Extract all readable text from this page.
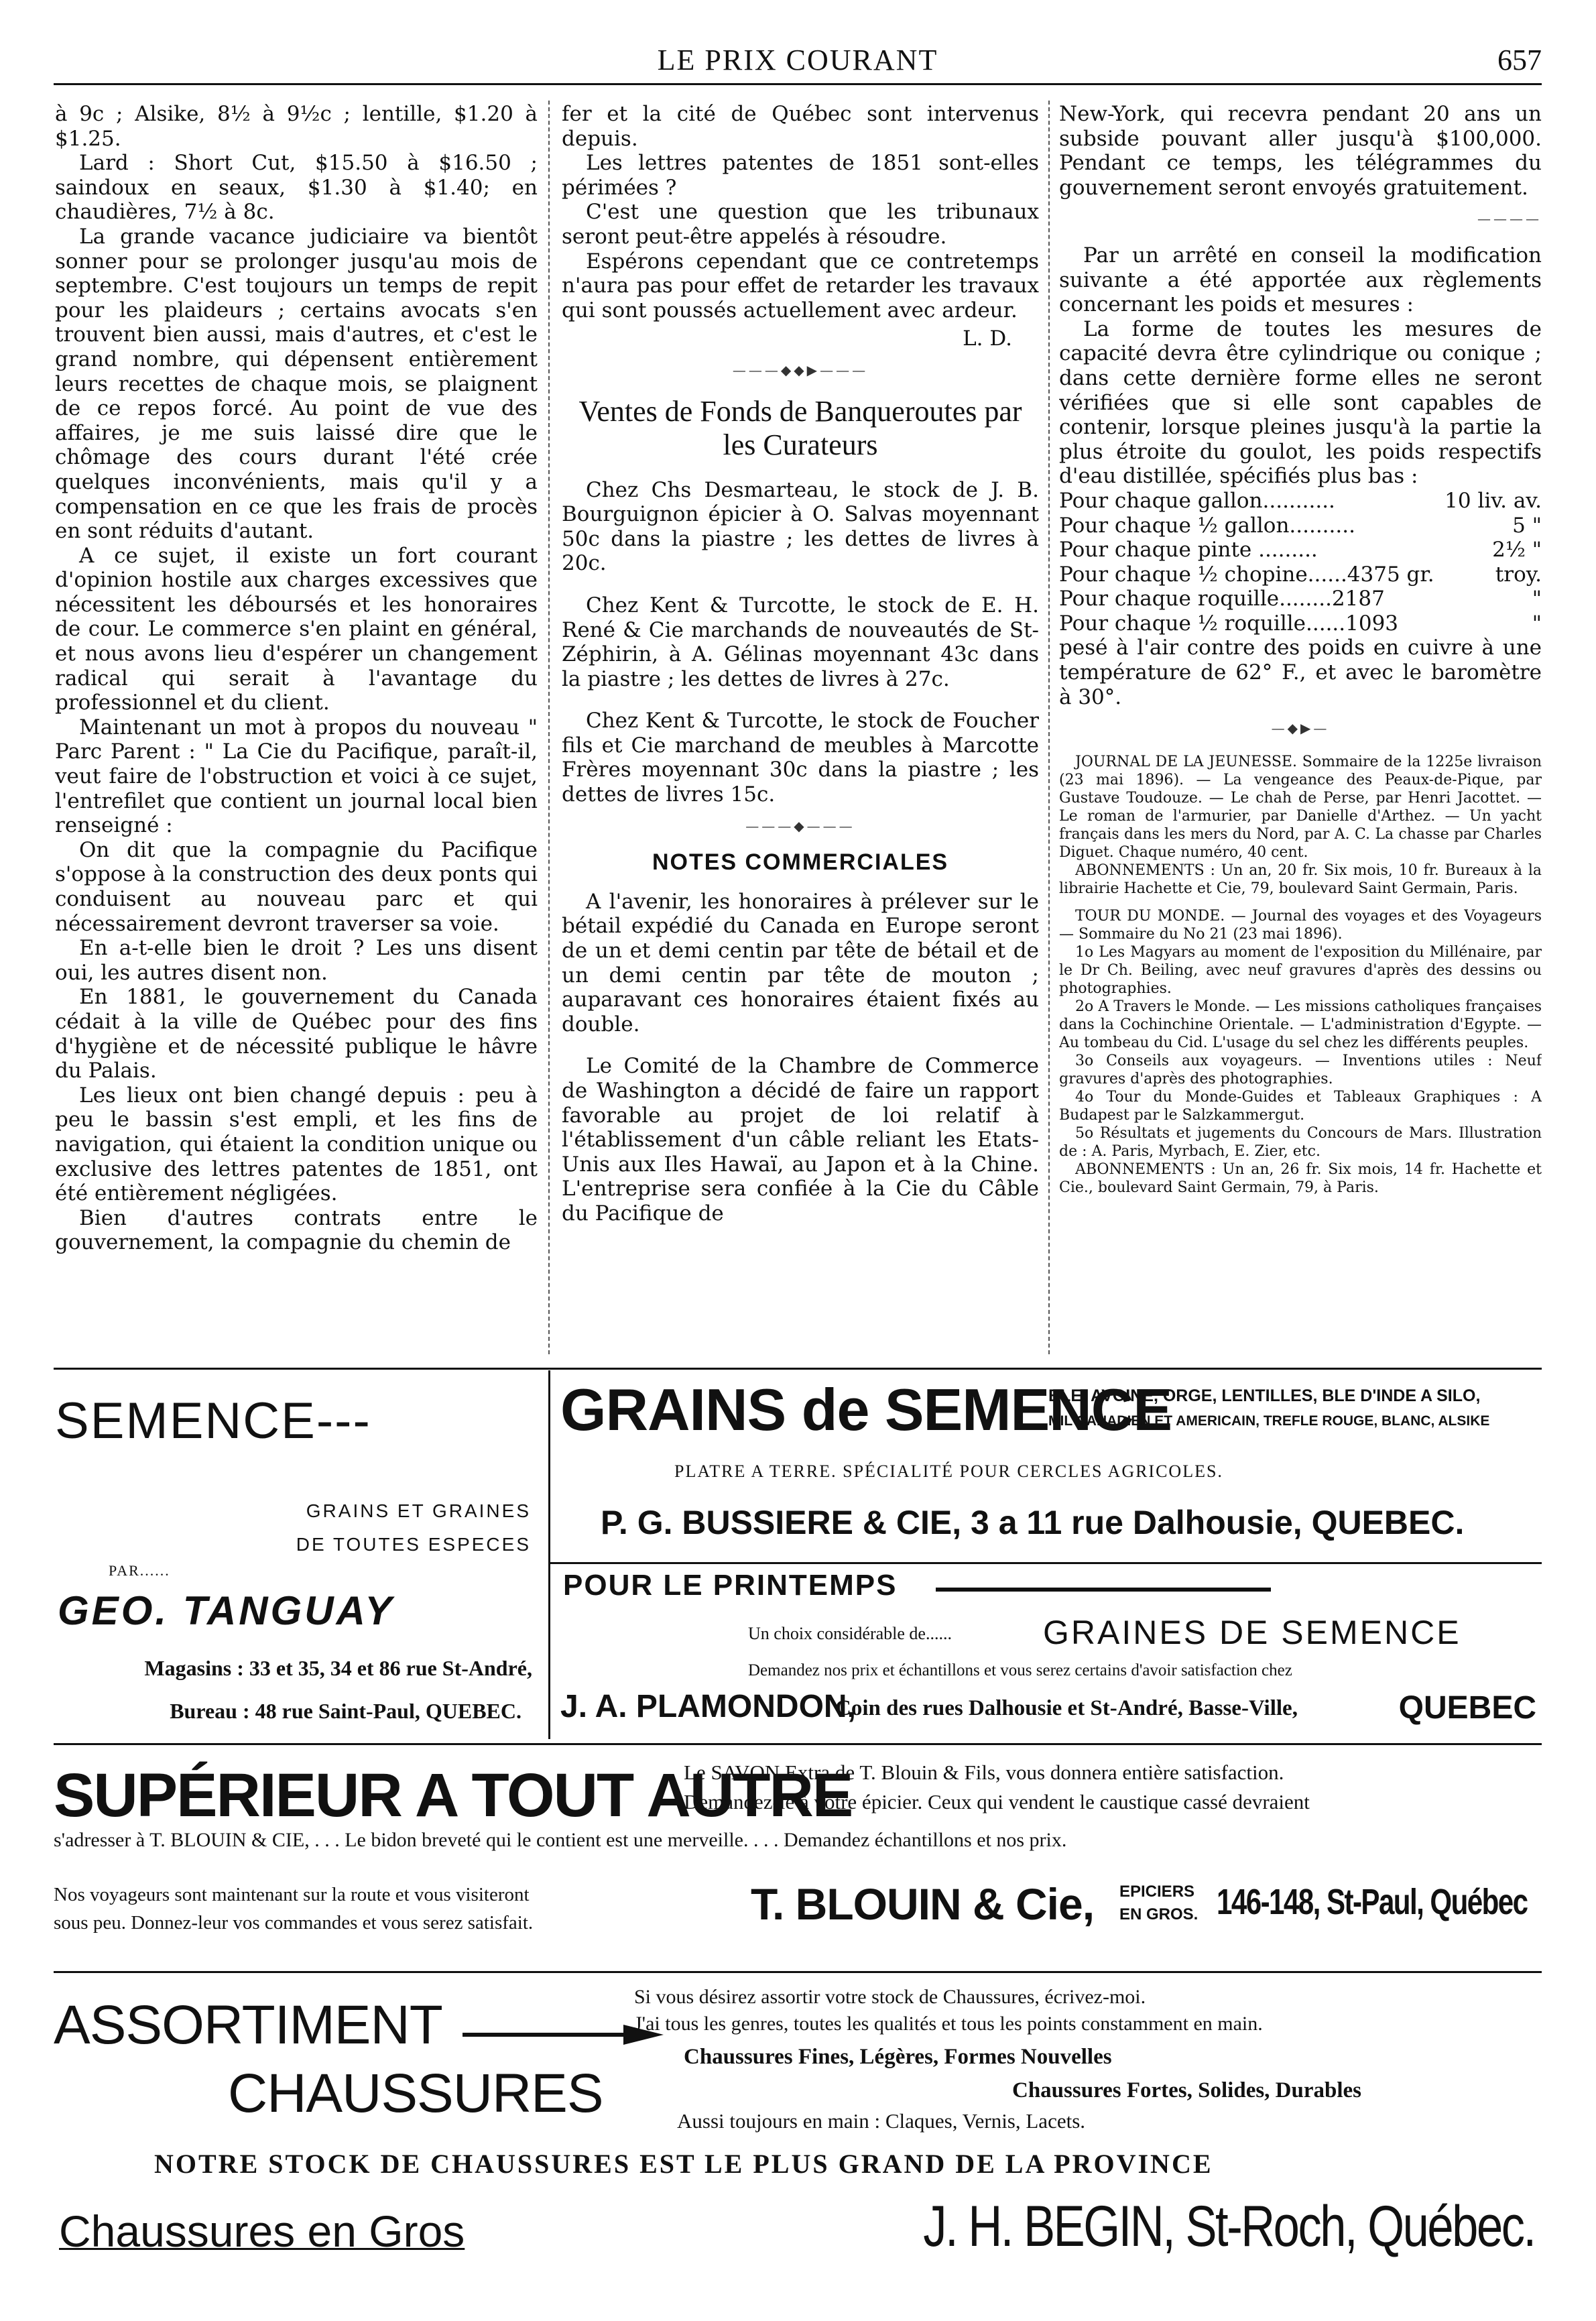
LE PRIX COURANT	657

à 9c ; Alsike, 8½ à 9½c ; lentille, $1.20 à $1.25.

Lard : Short Cut, $15.50 à $16.50 ; saindoux en seaux, $1.30 à $1.40; en chaudières, 7½ à 8c.

La grande vacance judiciaire va bientôt sonner pour se prolonger jusqu'au mois de septembre. C'est toujours un temps de repit pour les plaideurs ; certains avocats s'en trouvent bien aussi, mais d'autres, et c'est le grand nombre, qui dépensent entièrement leurs recettes de chaque mois, se plaignent de ce repos forcé. Au point de vue des affaires, je me suis laissé dire que le chômage des cours durant l'été crée quelques inconvénients, mais qu'il y a compensation en ce que les frais de procès en sont réduits d'autant.

A ce sujet, il existe un fort courant d'opinion hostile aux charges excessives que nécessitent les déboursés et les honoraires de cour. Le commerce s'en plaint en général, et nous avons lieu d'espérer un changement radical qui serait à l'avantage du professionnel et du client.

Maintenant un mot à propos du nouveau " Parc Parent : " La Cie du Pacifique, paraît-il, veut faire de l'obstruction et voici à ce sujet, l'entrefilet que contient un journal local bien renseigné :

On dit que la compagnie du Pacifique s'oppose à la construction des deux ponts qui conduisent au nouveau parc et qui nécessairement devront traverser sa voie.

En a-t-elle bien le droit ? Les uns disent oui, les autres disent non.

En 1881, le gouvernement du Canada cédait à la ville de Québec pour des fins d'hygiène et de nécessité publique le hâvre du Palais.

Les lieux ont bien changé depuis : peu à peu le bassin s'est empli, et les fins de navigation, qui étaient la condition unique ou exclusive des lettres patentes de 1851, ont été entièrement négligées.

Bien d'autres contrats entre le gouvernement, la compagnie du chemin de

fer et la cité de Québec sont intervenus depuis.

Les lettres patentes de 1851 sont-elles périmées ?

C'est une question que les tribunaux seront peut-être appelés à résoudre.

Espérons cependant que ce contretemps n'aura pas pour effet de retarder les travaux qui sont poussés actuellement avec ardeur.

L. D.

———◆◆▶———
Ventes de Fonds de Banqueroutes par les Curateurs

Chez Chs Desmarteau, le stock de J. B. Bourguignon épicier à O. Salvas moyennant 50c dans la piastre ; les dettes de livres à 20c.

Chez Kent & Turcotte, le stock de E. H. René & Cie marchands de nouveautés de St-Zéphirin, à A. Gélinas moyennant 43c dans la piastre ; les dettes de livres à 27c.

Chez Kent & Turcotte, le stock de Foucher fils et Cie marchand de meubles à Marcotte Frères moyennant 30c dans la piastre ; les dettes de livres 15c.

———◆———
NOTES COMMERCIALES

A l'avenir, les honoraires à prélever sur le bétail expédié du Canada en Europe seront de un et demi centin par tête de bétail et de un demi centin par tête de mouton ; auparavant ces honoraires étaient fixés au double.

Le Comité de la Chambre de Commerce de Washington a décidé de faire un rapport favorable au projet de loi relatif à l'établissement d'un câble reliant les Etats-Unis aux Iles Hawaï, au Japon et à la Chine. L'entreprise sera confiée à la Cie du Câble du Pacifique de

New-York, qui recevra pendant 20 ans un subside pouvant aller jusqu'à $100,000. Pendant ce temps, les télégrammes du gouvernement seront envoyés gratuitement.

————

Par un arrêté en conseil la modification suivante a été apportée aux règlements concernant les poids et mesures :

La forme de toutes les mesures de capacité devra être cylindrique ou conique ; dans cette dernière forme elles ne seront vérifiées que si elle sont capables de contenir, lorsque pleines jusqu'à la partie la plus étroite du goulot, les poids respectifs d'eau distillée, spécifiés plus bas :

Pour chaque gallon...........	10 liv. av.
Pour chaque ½ gallon..........	5 "
Pour chaque pinte .........	2½ "
Pour chaque ½ chopine......4375 gr.	troy.
Pour chaque roquille........2187	"
Pour chaque ½ roquille......1093	"

pesé à l'air contre des poids en cuivre à une température de 62° F., et avec le baromètre à 30°.

—◆▶—

JOURNAL DE LA JEUNESSE. Sommaire de la 1225e livraison (23 mai 1896). — La vengeance des Peaux-de-Pique, par Gustave Toudouze. — Le chah de Perse, par Henri Jacottet. — Le roman de l'armurier, par Danielle d'Arthez. — Un yacht français dans les mers du Nord, par A. C. La chasse par Charles Diguet. Chaque numéro, 40 cent.

ABONNEMENTS : Un an, 20 fr. Six mois, 10 fr. Bureaux à la librairie Hachette et Cie, 79, boulevard Saint Germain, Paris.

TOUR DU MONDE. — Journal des voyages et des Voyageurs — Sommaire du No 21 (23 mai 1896).

1o Les Magyars au moment de l'exposition du Millénaire, par le Dr Ch. Beiling, avec neuf gravures d'après des dessins ou photographies.

2o A Travers le Monde. — Les missions catholiques françaises dans la Cochinchine Orientale. — L'administration d'Egypte. — Au tombeau du Cid. L'usage du sel chez les différents peuples.

3o Conseils aux voyageurs. — Inventions utiles : Neuf gravures d'après des photographies.

4o Tour du Monde-Guides et Tableaux Graphiques : A Budapest par le Salzkammergut.

5o Résultats et jugements du Concours de Mars. Illustration de : A. Paris, Myrbach, E. Zier, etc.

ABONNEMENTS : Un an, 26 fr. Six mois, 14 fr. Hachette et Cie., boulevard Saint Germain, 79, à Paris.

SEMENCE---
GRAINS ET GRAINES
DE TOUTES ESPECES
PAR......
GEO. TANGUAY
Magasins : 33 et 35, 34 et 86 rue St-André,
Bureau : 48 rue Saint-Paul, QUEBEC.
GRAINS de SEMENCE
BLE, AVOINE, ORGE, LENTILLES, BLE D'INDE A SILO,
MIL CANADIEN ET AMERICAIN, TREFLE ROUGE, BLANC, ALSIKE
PLATRE A TERRE. SPÉCIALITÉ POUR CERCLES AGRICOLES.
P. G. BUSSIERE & CIE, 3 a 11 rue Dalhousie, QUEBEC.
POUR LE PRINTEMPS
Un choix considérable de......	GRAINES DE SEMENCE
Demandez nos prix et échantillons et vous serez certains d'avoir satisfaction chez
J. A. PLAMONDON,
Coin des rues Dalhousie et St-André, Basse-Ville,	QUEBEC
SUPÉRIEUR A TOUT AUTRE
Le SAVON Extra de T. Blouin & Fils, vous donnera entière satisfaction.
Demandez-le à votre épicier. Ceux qui vendent le caustique cassé devraient
s'adresser à T. BLOUIN & CIE, . . . Le bidon breveté qui le contient est une merveille. . . . Demandez échantillons et nos prix.
Nos voyageurs sont maintenant sur la route et vous visiteront
sous peu. Donnez-leur vos commandes et vous serez satisfait.	T. BLOUIN & Cie, EPICIERS
EN GROS. 146-148, St-Paul, Québec
ASSORTIMENT
CHAUSSURES
Si vous désirez assortir votre stock de Chaussures, écrivez-moi.
J'ai tous les genres, toutes les qualités et tous les points constamment en main.
Chaussures Fines, Légères, Formes Nouvelles
Chaussures Fortes, Solides, Durables
Aussi toujours en main : Claques, Vernis, Lacets.
NOTRE STOCK DE CHAUSSURES EST LE PLUS GRAND DE LA PROVINCE
Chaussures en Gros	J. H. BEGIN, St-Roch, Québec.
